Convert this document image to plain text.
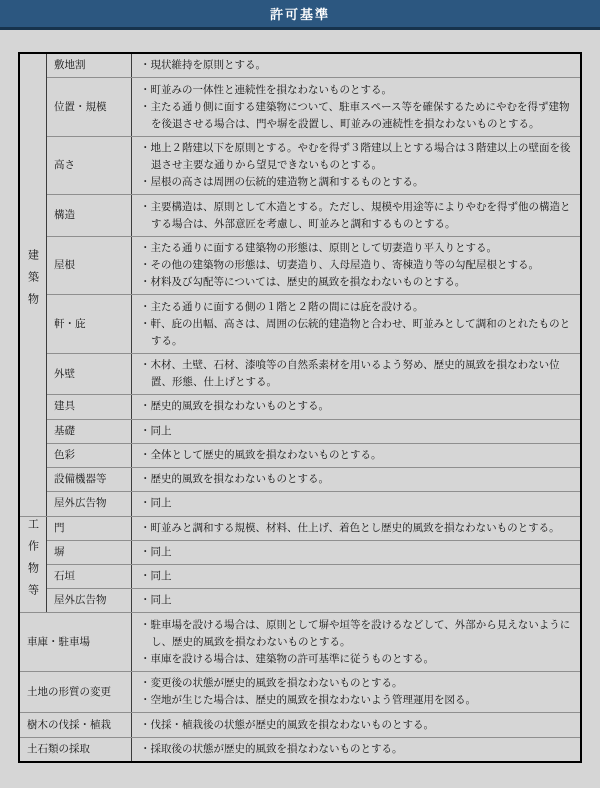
許可基準
建築物	敷地割	・現状維持を原則とする。

	位置・規模	・町並みの一体性と連続性を損なわないものとする。

・主たる通り側に面する建築物について、駐車スペース等を確保するためにやむを得ず建物を後退させる場合は、門や塀を設置し、町並みの連続性を損なわないものとする。

	高さ	・地上２階建以下を原則とする。やむを得ず３階建以上とする場合は３階建以上の壁面を後退させ主要な通りから望見できないものとする。

・屋根の高さは周囲の伝統的建造物と調和するものとする。

	構造	・主要構造は、原則として木造とする。ただし、規模や用途等によりやむを得ず他の構造とする場合は、外部意匠を考慮し、町並みと調和するものとする。

	屋根	・主たる通りに面する建築物の形態は、原則として切妻造り平入りとする。

・その他の建築物の形態は、切妻造り、入母屋造り、寄棟造り等の勾配屋根とする。

・材料及び勾配等については、歴史的風致を損なわないものとする。

	軒・庇	・主たる通りに面する側の１階と２階の間には庇を設ける。

・軒、庇の出幅、高さは、周囲の伝統的建造物と合わせ、町並みとして調和のとれたものとする。

	外壁	・木材、土壁、石材、漆喰等の自然系素材を用いるよう努め、歴史的風致を損なわない位置、形態、仕上げとする。

	建具	・歴史的風致を損なわないものとする。

	基礎	・同上

	色彩	・全体として歴史的風致を損なわないものとする。

	設備機器等	・歴史的風致を損なわないものとする。

	屋外広告物	・同上

工作物等	門	・町並みと調和する規模、材料、仕上げ、着色とし歴史的風致を損なわないものとする。

	塀	・同上

	石垣	・同上

	屋外広告物	・同上

車庫・駐車場		・駐車場を設ける場合は、原則として塀や垣等を設けるなどして、外部から見えないようにし、歴史的風致を損なわないものとする。

・車庫を設ける場合は、建築物の許可基準に従うものとする。

土地の形質の変更		・変更後の状態が歴史的風致を損なわないものとする。

・空地が生じた場合は、歴史的風致を損なわないよう管理運用を図る。

樹木の伐採・植栽		・伐採・植栽後の状態が歴史的風致を損なわないものとする。

土石類の採取		・採取後の状態が歴史的風致を損なわないものとする。
